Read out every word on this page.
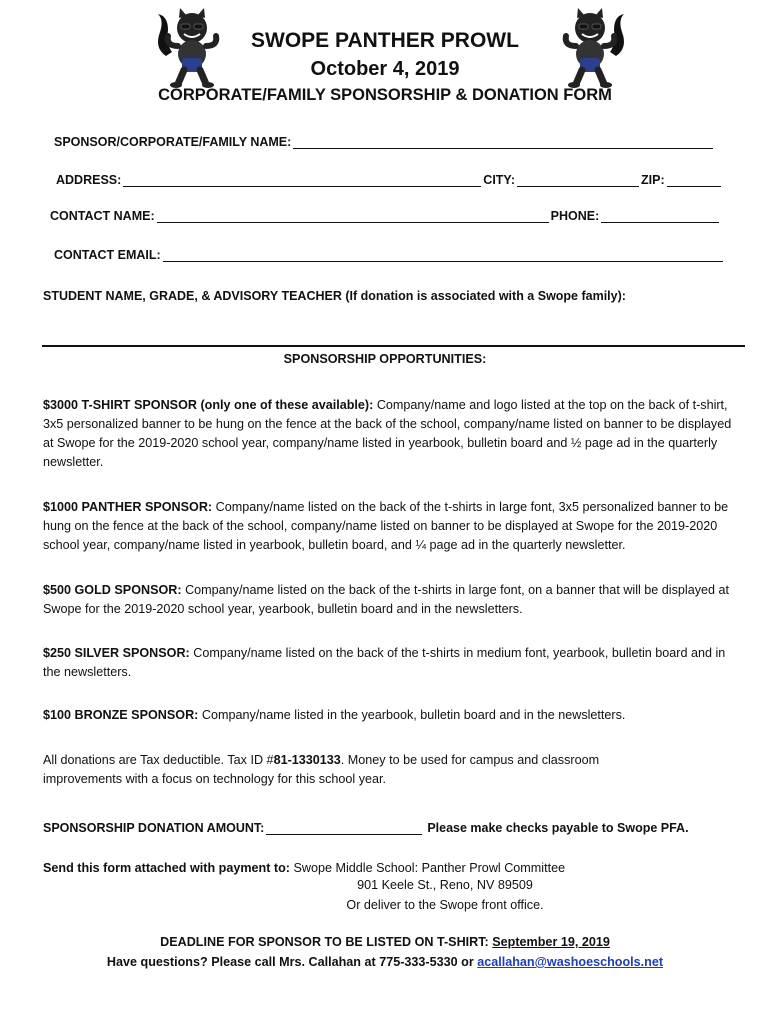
SWOPE PANTHER PROWL
October 4, 2019
CORPORATE/FAMILY SPONSORSHIP & DONATION FORM
SPONSOR/CORPORATE/FAMILY NAME:
ADDRESS:	CITY:	ZIP:
CONTACT NAME:	PHONE:
CONTACT EMAIL:
STUDENT NAME, GRADE, & ADVISORY TEACHER (If donation is associated with a Swope family):
SPONSORSHIP OPPORTUNITIES:
$3000 T-SHIRT SPONSOR (only one of these available): Company/name and logo listed at the top on the back of t-shirt, 3x5 personalized banner to be hung on the fence at the back of the school, company/name listed on banner to be displayed at Swope for the 2019-2020 school year, company/name listed in yearbook, bulletin board and ½ page ad in the quarterly newsletter.
$1000 PANTHER SPONSOR: Company/name listed on the back of the t-shirts in large font, 3x5 personalized banner to be hung on the fence at the back of the school, company/name listed on banner to be displayed at Swope for the 2019-2020 school year, company/name listed in yearbook, bulletin board, and ¼ page ad in the quarterly newsletter.
$500 GOLD SPONSOR: Company/name listed on the back of the t-shirts in large font, on a banner that will be displayed at Swope for the 2019-2020 school year, yearbook, bulletin board and in the newsletters.
$250 SILVER SPONSOR: Company/name listed on the back of the t-shirts in medium font, yearbook, bulletin board and in the newsletters.
$100 BRONZE SPONSOR: Company/name listed in the yearbook, bulletin board and in the newsletters.
All donations are Tax deductible. Tax ID #81-1330133. Money to be used for campus and classroom improvements with a focus on technology for this school year.
SPONSORSHIP DONATION AMOUNT:	Please make checks payable to Swope PFA.
Send this form attached with payment to: Swope Middle School: Panther Prowl Committee
901 Keele St., Reno, NV 89509
Or deliver to the Swope front office.
DEADLINE FOR SPONSOR TO BE LISTED ON T-SHIRT: September 19, 2019
Have questions? Please call Mrs. Callahan at 775-333-5330 or acallahan@washoeschools.net
